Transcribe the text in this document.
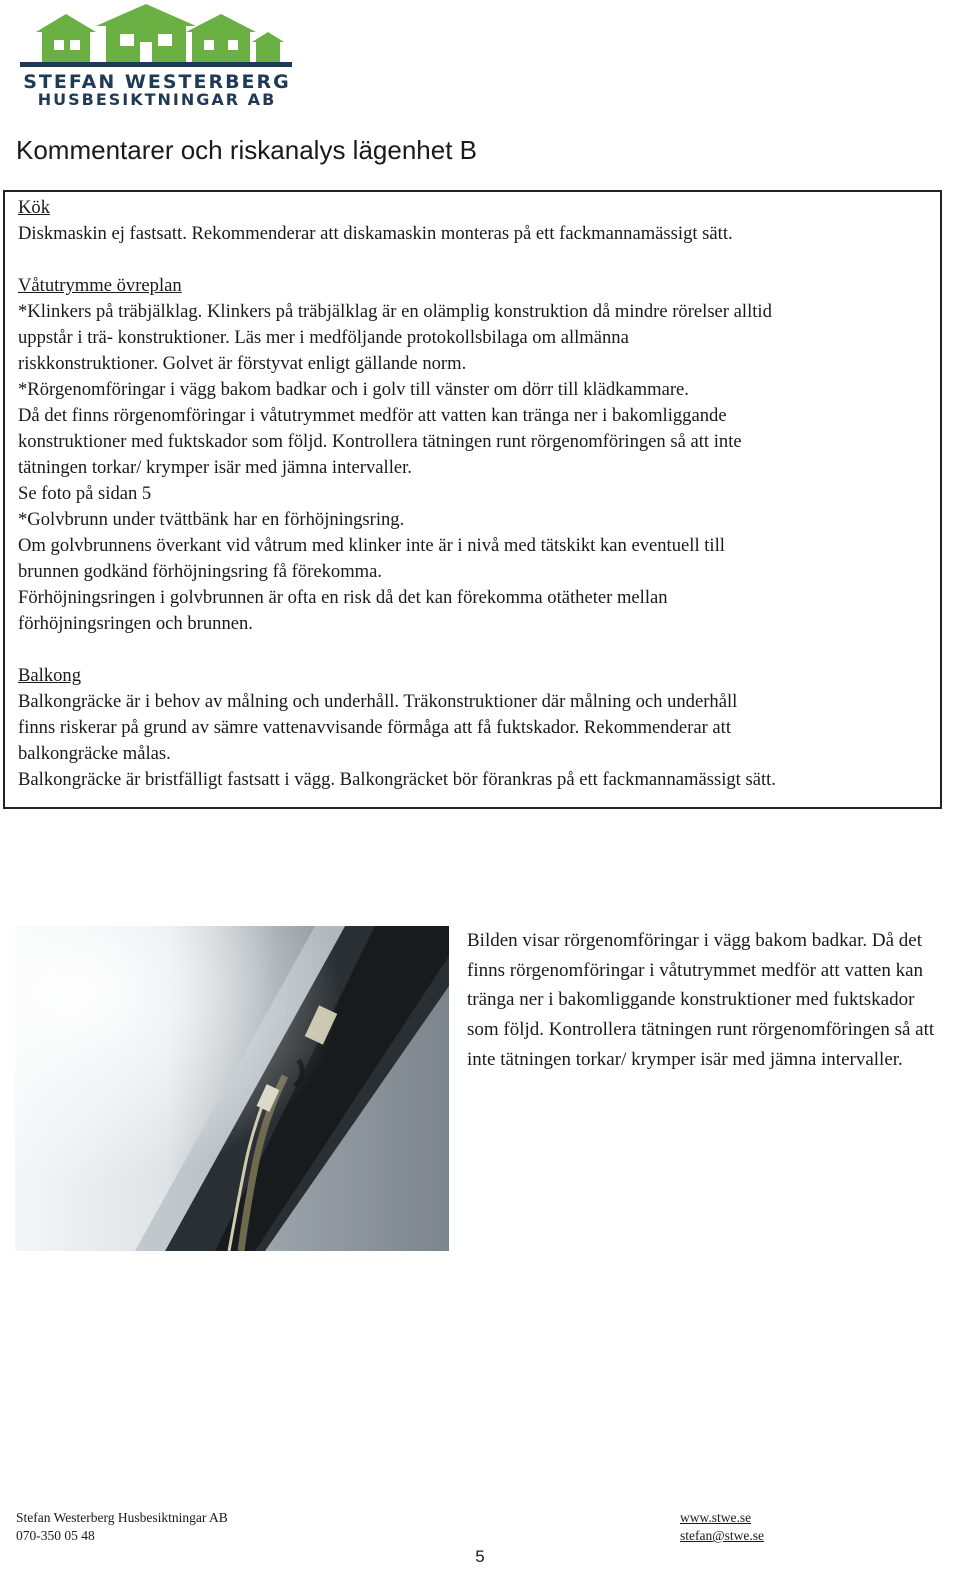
STEFAN WESTERBERG
HUSBESIKTNINGAR AB
Kommentarer och riskanalys lägenhet B

Kök

Diskmaskin ej fastsatt. Rekommenderar att diskamaskin monteras på ett fackmannamässigt sätt.

Våtutrymme övreplan

*Klinkers på träbjälklag. Klinkers på träbjälklag är en olämplig konstruktion då mindre rörelser alltid

uppstår i trä- konstruktioner. Läs mer i medföljande protokollsbilaga om allmänna

riskkonstruktioner. Golvet är förstyvat enligt gällande norm.

*Rörgenomföringar i vägg bakom badkar och i golv till vänster om dörr till klädkammare.

Då det finns rörgenomföringar i våtutrymmet medför att vatten kan tränga ner i bakomliggande

konstruktioner med fuktskador som följd. Kontrollera tätningen runt rörgenomföringen så att inte

tätningen torkar/ krymper isär med jämna intervaller.

Se foto på sidan 5

*Golvbrunn under tvättbänk har en förhöjningsring.

Om golvbrunnens överkant vid våtrum med klinker inte är i nivå med tätskikt kan eventuell till

brunnen godkänd förhöjningsring få förekomma.

Förhöjningsringen i golvbrunnen är ofta en risk då det kan förekomma otätheter mellan

förhöjningsringen och brunnen.

Balkong

Balkongräcke är i behov av målning och underhåll. Träkonstruktioner där målning och underhåll

finns riskerar på grund av sämre vattenavvisande förmåga att få fuktskador. Rekommenderar att

balkongräcke målas.

Balkongräcke är bristfälligt fastsatt i vägg. Balkongräcket bör förankras på ett fackmannamässigt sätt.

Bilden visar rörgenomföringar i vägg bakom badkar. Då det finns rörgenomföringar i våtutrymmet medför att vatten kan tränga ner i bakomliggande konstruktioner med fuktskador som följd. Kontrollera tätningen runt rörgenomföringen så att inte tätningen torkar/ krymper isär med jämna intervaller.

Stefan Westerberg Husbesiktningar AB
070-350 05 48
www.stwe.se
stefan@stwe.se
5
